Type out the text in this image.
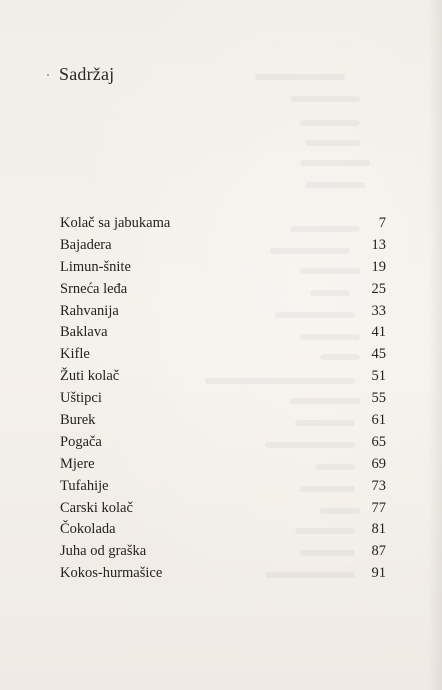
Sadržaj
Kolač sa jabukama	7
Bajadera	13
Limun-šnite	19
Srneća leđa	25
Rahvanija	33
Baklava	41
Kifle	45
Žuti kolač	51
Uštipci	55
Burek	61
Pogača	65
Mjere	69
Tufahije	73
Carski kolač	77
Čokolada	81
Juha od graška	87
Kokos-hurmašice	91
